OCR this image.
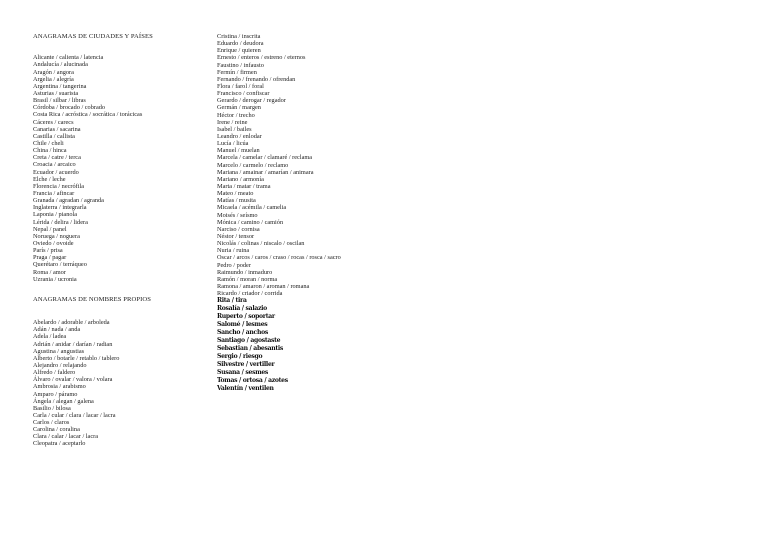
ANAGRAMAS DE CIUDADES Y PAÍSES
Alicante / calienta / latencia
Andalucía / alucinada
Aragón / angora
Argelia / alegría
Argentina / tangerina
Asturias / suarista
Brasil / silbar / libras
Córdoba / brocado / cobrado
Costa Rica / acróstica / socrática / torácicas
Cáceres / carecs
Canarias / sacarina
Castilla / callista
Chile / cheli
China / hinca
Creta / catre / terca
Croacia / arcaico
Ecuador / acuerdo
Elche / leche
Florencia / necrófila
Francia / afincar
Granada / agradan / agranda
Inglaterra / integrarla
Laponia / pianola
Lérida / delira / lidera
Nepal / panel
Noruega / noguera
Oviedo / ovoide
París / prisa
Praga / pagar
Querétaro / terráqueo
Roma / amor
Uzrania / ucronia
ANAGRAMAS DE NOMBRES PROPIOS
Abelardo / adorable / arboleda
Adán / nada / anda
Adela / ladea
Adrián / anidar / darían / radian
Agustina / angustias
Alberto / botarle / retablo / tablero
Alejandro / relajando
Alfredo / faldero
Álvaro / ovalar / valora / volara
Ambrosia / arabismo
Amparo / páramo
Ángela / alegan / galena
Basilio / bilosa
Carla / cular / clara / lacar / lacra
Carlos / claros
Carolina / coralina
Clara / calar / lacar / lacra
Cleopatra / aceptarlo
Cristina / inscrita
Eduardo / deudora
Enrique / quieren
Ernesto / enteros / estreno / eternos
Faustino / infausto
Fermín / firmen
Fernando / frenando / ofrendan
Flora / farol / foral
Francisco / confiscar
Gerardo / derogar / regador
Germán / margen
Héctor / trecho
Irene / reine
Isabel / bailes
Leandro / enlodar
Lucía / licúa
Manuel / muelan
Marcela / camelar / clamaré / reclama
Marcelo / carmelo / reclamo
Mariana / amainar / amarían / animara
Mariano / armonía
Marta / matar / trama
Mateo / meato
Matías / musita
Micaela / acémila / camelia
Moisés / seísmo
Mónica / camino / camión
Narciso / cornisa
Néstor / tensor
Nicolás / colinas / niscalo / oscilan
Nuria / ruina
Oscar / arcos / caros / craso / rocas / rosca / sacro
Pedro / poder
Raimundo / inmaduro
Ramón / moran / norma
Ramona / amaron / aroman / romana
Ricardo / criador / corrida
Rita / tira
Rosalía / salazio
Ruperto / soportar
Salomé / lesmes
Sancho / anchos
Santiago / agostaste
Sebastian / abesantis
Sergio / riesgo
Silvestre / vertiller
Susana / sesmes
Tomas / ortosa / azotes
Valentín / ventilen
